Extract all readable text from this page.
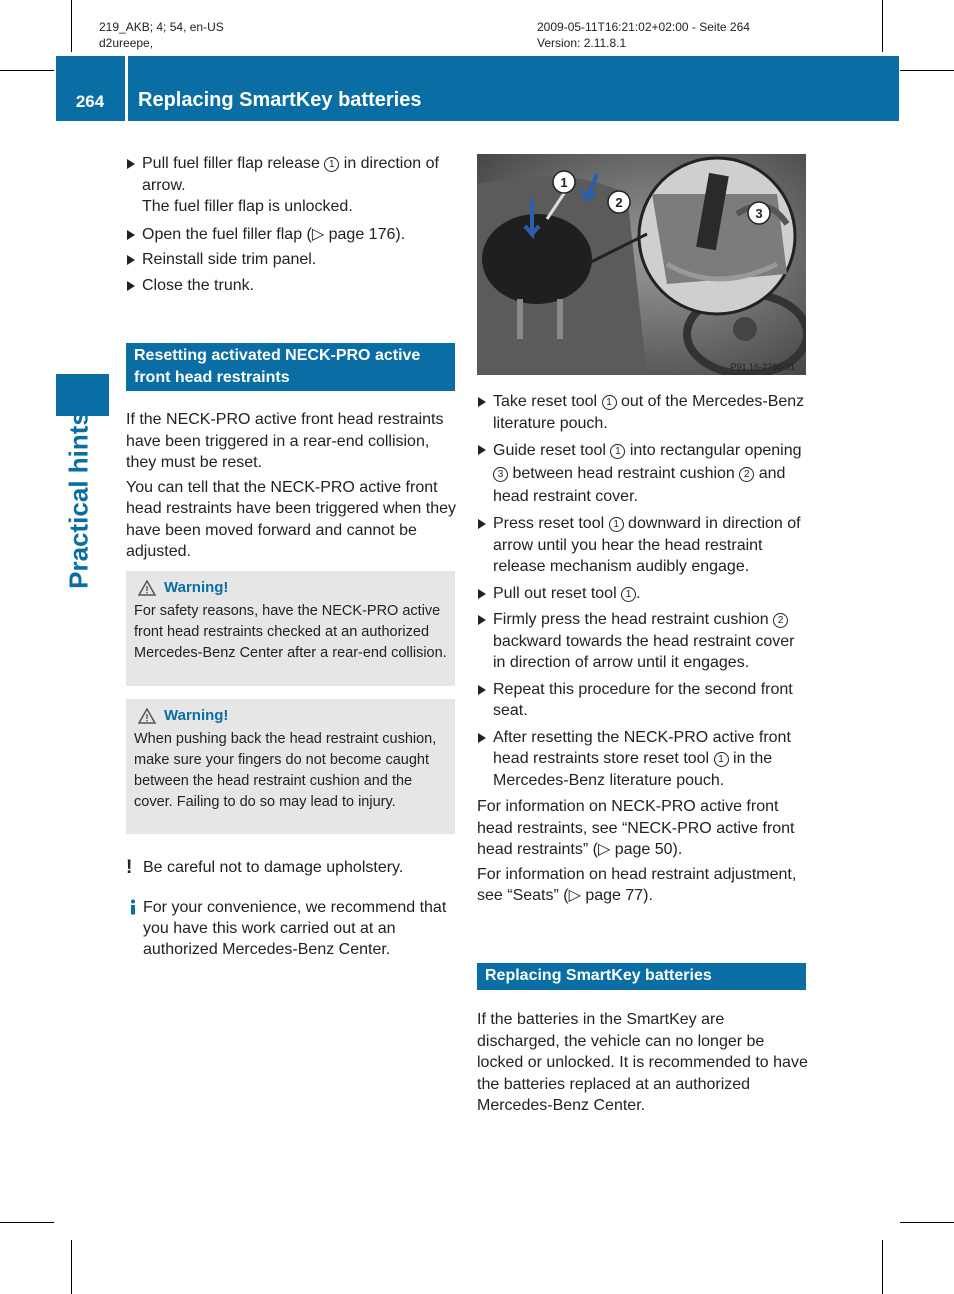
219_AKB; 4; 54, en-US
d2ureepe,
2009-05-11T16:21:02+02:00 - Seite 264
Version: 2.11.8.1
264	Replacing SmartKey batteries
Practical hints
Pull fuel filler flap release 1 in direction of arrow.
The fuel filler flap is unlocked.
Open the fuel filler flap (▷ page 176).
Reinstall side trim panel.
Close the trunk.
Resetting activated NECK-PRO active front head restraints

If the NECK-PRO active front head restraints have been triggered in a rear-end collision, they must be reset.

You can tell that the NECK-PRO active front head restraints have been triggered when they have been moved forward and cannot be adjusted.

Warning!
For safety reasons, have the NECK-PRO active front head restraints checked at an authorized Mercedes-Benz Center after a rear-end collision.
Warning!
When pushing back the head restraint cushion, make sure your fingers do not become caught between the head restraint cushion and the cover. Failing to do so may lead to injury.
! Be careful not to damage upholstery.
For your convenience, we recommend that you have this work carried out at an authorized Mercedes-Benz Center.
1
2
3
P91.16-2760-31
Take reset tool 1 out of the Mercedes-Benz literature pouch.
Guide reset tool 1 into rectangular opening 3 between head restraint cushion 2 and head restraint cover.
Press reset tool 1 downward in direction of arrow until you hear the head restraint release mechanism audibly engage.
Pull out reset tool 1 .
Firmly press the head restraint cushion 2 backward towards the head restraint cover in direction of arrow until it engages.
Repeat this procedure for the second front seat.
After resetting the NECK-PRO active front head restraints store reset tool 1 in the Mercedes-Benz literature pouch.

For information on NECK-PRO active front head restraints, see “NECK-PRO active front head restraints” (▷ page 50).

For information on head restraint adjustment, see “Seats” (▷ page 77).

Replacing SmartKey batteries

If the batteries in the SmartKey are discharged, the vehicle can no longer be locked or unlocked. It is recommended to have the batteries replaced at an authorized Mercedes-Benz Center.
